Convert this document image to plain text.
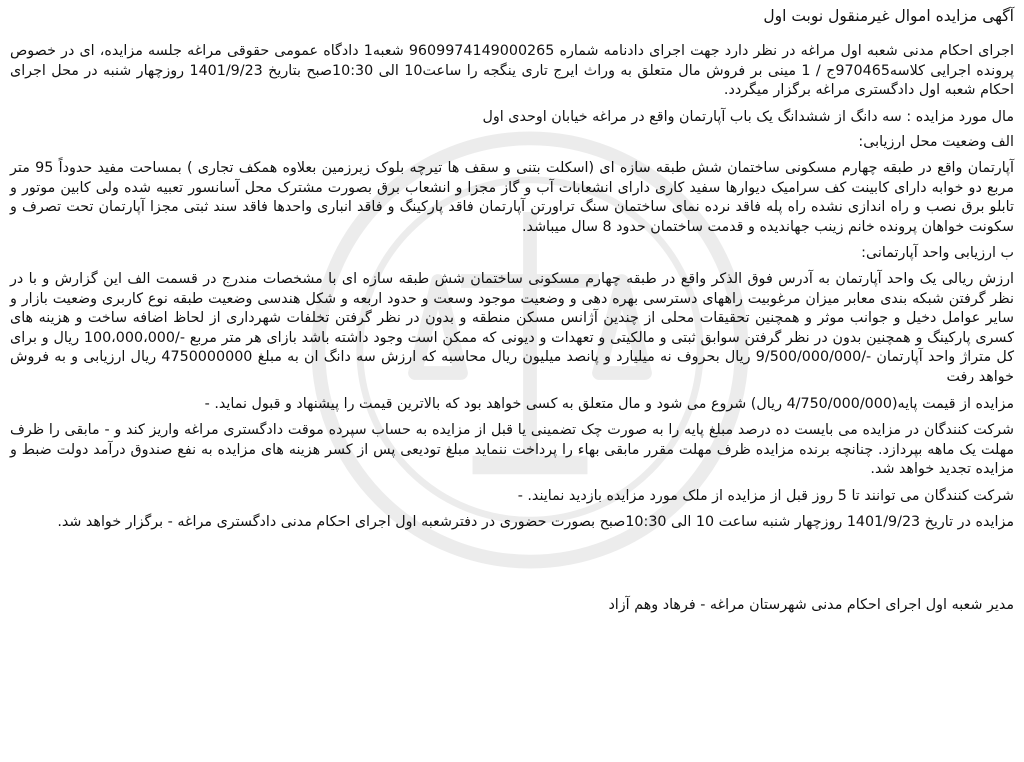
آگهی مزایده اموال غیرمنقول نوبت اول

اجرای احکام مدنی شعبه اول مراغه در نظر دارد جهت اجرای دادنامه شماره 9609974149000265 شعبه1 دادگاه عمومی حقوقی مراغه جلسه مزایده، ای در خصوص پرونده اجرایی کلاسه970465ج / 1 مینی بر فروش مال متعلق به وراث ایرج تاری ینگجه را ساعت10 الی 10:30صبح بتاریخ 1401/9/23 روزچهار شنبه در محل اجرای احکام شعبه اول دادگستری مراغه برگزار میگردد.

مال مورد مزایده : سه دانگ از ششدانگ یک باب آپارتمان واقع در مراغه خیابان اوحدی اول

الف وضعیت محل ارزیابی:

آپارتمان واقع در طبقه چهارم مسکونی ساختمان شش طبقه سازه ای (اسکلت بتنی و سقف ها تیرچه بلوک زیرزمین بعلاوه همکف تجاری ) بمساحت مفید حدوداً 95 متر مربع دو خوابه دارای کابینت کف سرامیک دیوارها سفید کاری دارای انشعابات آب و گاز مجزا و انشعاب برق بصورت مشترک محل آسانسور تعبیه شده ولی کابین موتور و تابلو برق نصب و راه اندازی نشده راه پله فاقد نرده نمای ساختمان سنگ تراورتن آپارتمان فاقد پارکینگ و فاقد انباری واحدها فاقد سند ثبتی مجزا آپارتمان تحت تصرف و سکونت خواهان پرونده خانم زینب جهاندیده و قدمت ساختمان حدود 8 سال میباشد.

ب ارزیابی واحد آپارتمانی:

ارزش ریالی یک واحد آپارتمان به آدرس فوق الذکر واقع در طبقه چهارم مسکونی ساختمان شش طبقه سازه ای با مشخصات مندرج در قسمت الف این گزارش و با در نظر گرفتن شبکه بندی معابر میزان مرغوبیت راههای دسترسی بهره دهی و وضعیت موجود وسعت و حدود اربعه و شکل هندسی وضعیت طبقه نوع کاربری وضعیت بازار و سایر عوامل دخیل و جوانب موثر و همچنین تحقیقات محلی از چندین آژانس مسکن منطقه و بدون در نظر گرفتن تخلفات شهرداری از لحاظ اضافه ساخت و هزینه های کسری پارکینگ و همچنین بدون در نظر گرفتن سوابق ثبتی و مالکیتی و تعهدات و دیونی که ممکن است وجود داشته باشد بازای هر متر مربع -/100،000،000 ریال و برای کل متراژ واحد آپارتمان -/9/500/000/000 ریال بحروف نه میلیارد و پانصد میلیون ریال محاسبه که ارزش سه دانگ ان به مبلغ 4750000000 ریال ارزیابی و به فروش خواهد رفت

مزایده از قیمت پایه(4/750/000/000 ریال) شروع می شود و مال متعلق به کسی خواهد بود که بالاترین قیمت را پیشنهاد و قبول نماید. -

شرکت کنندگان در مزایده می بایست ده درصد مبلغ پایه را به صورت چک تضمینی یا قبل از مزایده به حساب سپرده موقت دادگستری مراغه واریز کند و - مابقی را ظرف مهلت یک ماهه بپردازد. چنانچه برنده مزایده ظرف مهلت مقرر مابقی بهاء را پرداخت ننماید مبلغ تودیعی پس از کسر هزینه های مزایده به نفع صندوق درآمد دولت ضبط و مزایده تجدید خواهد شد.

شرکت کنندگان می توانند تا 5 روز قبل از مزایده از ملک مورد مزایده بازدید نمایند. -

مزایده در تاریخ 1401/9/23 روزچهار شنبه ساعت 10 الی 10:30صبح بصورت حضوری در دفترشعبه اول اجرای احکام مدنی دادگستری مراغه - برگزار خواهد شد.

مدیر شعبه اول اجرای احکام مدنی شهرستان مراغه - فرهاد وهم آزاد
